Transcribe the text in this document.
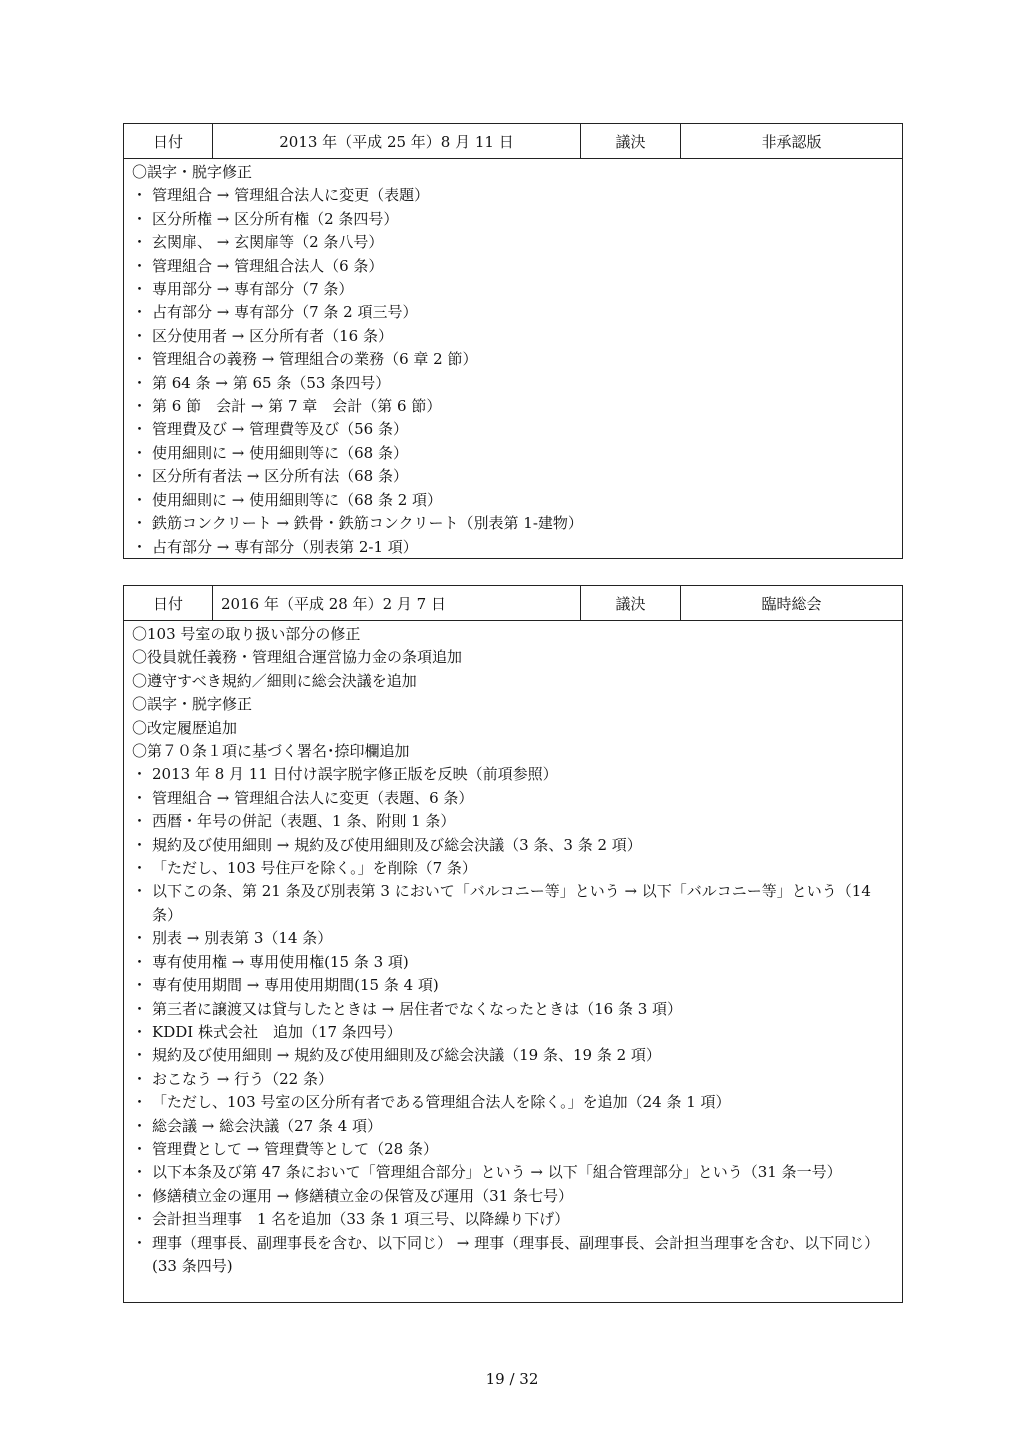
日付	2013 年（平成 25 年）8 月 11 日	議決	非承認版
〇誤字・脱字修正
・ 管理組合 → 管理組合法人に変更（表題）
・ 区分所権 → 区分所有権（2 条四号）
・ 玄関扉、 → 玄関扉等（2 条八号）
・ 管理組合 → 管理組合法人（6 条）
・ 専用部分 → 専有部分（7 条）
・ 占有部分 → 専有部分（7 条 2 項三号）
・ 区分使用者 → 区分所有者（16 条）
・ 管理組合の義務 → 管理組合の業務（6 章 2 節）
・ 第 64 条 → 第 65 条（53 条四号）
・ 第 6 節　会計 → 第 7 章　会計（第 6 節）
・ 管理費及び → 管理費等及び（56 条）
・ 使用細則に → 使用細則等に（68 条）
・ 区分所有者法 → 区分所有法（68 条）
・ 使用細則に → 使用細則等に（68 条 2 項）
・ 鉄筋コンクリート → 鉄骨・鉄筋コンクリート（別表第 1-建物）
・ 占有部分 → 専有部分（別表第 2-1 項）
日付	2016 年（平成 28 年）2 月 7 日	議決	臨時総会
〇103 号室の取り扱い部分の修正
〇役員就任義務・管理組合運営協力金の条項追加
〇遵守すべき規約／細則に総会決議を追加
〇誤字・脱字修正
〇改定履歴追加
〇第７０条１項に基づく署名･捺印欄追加
・ 2013 年 8 月 11 日付け誤字脱字修正版を反映（前項参照）
・ 管理組合 → 管理組合法人に変更（表題、6 条）
・ 西暦・年号の併記（表題、1 条、附則 1 条）
・ 規約及び使用細則 → 規約及び使用細則及び総会決議（3 条、3 条 2 項）
・ 「ただし、103 号住戸を除く。」を削除（7 条）
・ 以下この条、第 21 条及び別表第 3 において「バルコニー等」という → 以下「バルコニー等」という（14 条）
・ 別表 → 別表第 3（14 条）
・ 専有使用権 → 専用使用権(15 条 3 項)
・ 専有使用期間 → 専用使用期間(15 条 4 項)
・ 第三者に譲渡又は貸与したときは → 居住者でなくなったときは（16 条 3 項）
・ KDDI 株式会社　追加（17 条四号）
・ 規約及び使用細則 → 規約及び使用細則及び総会決議（19 条、19 条 2 項）
・ おこなう → 行う（22 条）
・ 「ただし、103 号室の区分所有者である管理組合法人を除く。」を追加（24 条 1 項）
・ 総会議 → 総会決議（27 条 4 項）
・ 管理費として → 管理費等として（28 条）
・ 以下本条及び第 47 条において「管理組合部分」という → 以下「組合管理部分」という（31 条一号）
・ 修繕積立金の運用 → 修繕積立金の保管及び運用（31 条七号）
・ 会計担当理事　1 名を追加（33 条 1 項三号、以降繰り下げ）
・ 理事（理事長、副理事長を含む、以下同じ） → 理事（理事長、副理事長、会計担当理事を含む、以下同じ）(33 条四号)
19 / 32
